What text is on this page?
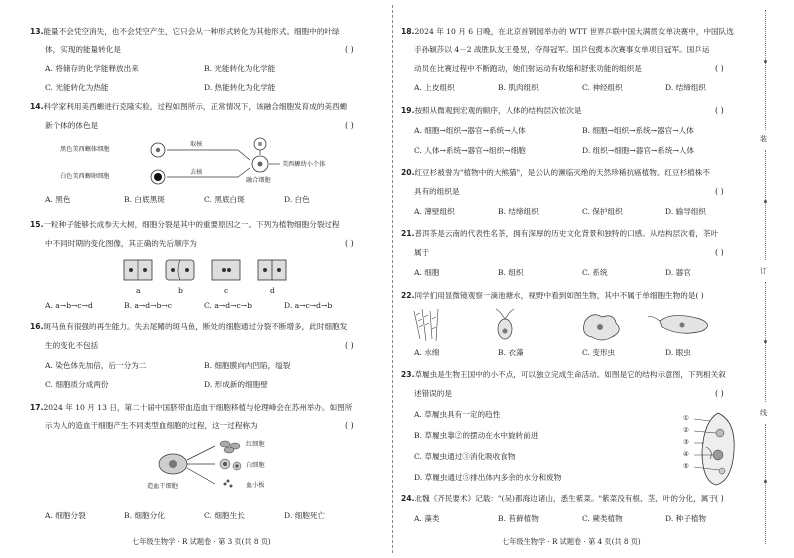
13.能量不会凭空消失，也不会凭空产生，它只会从一种形式转化为其他形式。细胞中的叶绿
体，实现的能量转化是	( )
A. 将储存的化学能释放出来	B. 光能转化为化学能
C. 光能转化为热能	D. 热能转化为化学能
14.科学家利用美西螈进行克隆实验，过程如图所示，正常情况下，该融合细胞发育成的美西螈
新个体的体色是	( )
黑色美西螈体细胞
白色美西螈卵细胞
取核
去核
融合细胞
美西螈幼小个体
A. 黑色	B. 白底黑斑	C. 黑底白斑	D. 白色
15.一粒种子能够长成参天大树，细胞分裂是其中的重要原因之一。下列为植物细胞分裂过程
中不同时期的变化图像，其正确的先后顺序为	( )
a	b	c	d
A. a→b→c→d	B. a→d→b→c	C. a→d→c→b	D. a→c→d→b
16.斑马鱼有很强的再生能力。失去尾鳍的斑马鱼，断处的细胞通过分裂不断增多，此时细胞发
生的变化不包括	( )
A. 染色体先加倍，后一分为二	B. 细胞膜向内凹陷，缢裂
C. 细胞质分成两份	D. 形成新的细胞壁
17.2024 年 10 月 13 日，第二十届中国脐带血造血干细胞移植与伦理峰会在苏州举办。如图所
示为人的造血干细胞产生不同类型血细胞的过程，这一过程称为	( )
红细胞
白细胞
血小板
造血干细胞
A. 细胞分裂	B. 细胞分化	C. 细胞生长	D. 细胞死亡
七年级生物学 · R 试题卷 · 第 3 页(共 8 页)
18.2024 年 10 月 6 日晚，在北京首钢园举办的 WTT 世界乒联中国大满贯女单决赛中，中国队选
手孙颖莎以 4－2 战胜队友王曼昱，夺得冠军。国乒包揽本次赛事女单项目冠军。国乒运
动员在比赛过程中不断跑动，她们射运动有收缩和舒张功能的组织是	( )
A. 上皮组织	B. 肌肉组织	C. 神经组织	D. 结缔组织
19.按照从微观到宏观的顺序，人体的结构层次依次是	( )
A. 细胞→组织→器官→系统→人体	B. 细胞→组织→系统→器官→人体
C. 人体→系统→器官→组织→细胞	D. 组织→细胞→器官→系统→人体
20.红豆杉被誉为"植物中的大熊猫"，是公认的濒临灭绝的天然珍稀抗癌植物。红豆杉植株不
具有的组织是	( )
A. 薄壁组织	B. 结缔组织	C. 保护组织	D. 输导组织
21.普洱茶是云南的代表性名茶，拥有深厚的历史文化背景和独特的口感。从结构层次看，茶叶
属于	( )
A. 细胞	B. 组织	C. 系统	D. 器官
22.同学们用显微镜观察一滴池塘水，视野中看到如图生物，其中不属于单细胞生物的是( )
A. 水绵	B. 衣藻	C. 变形虫	D. 眼虫
23.草履虫是生物王国中的小不点，可以独立完成生命活动。如图是它的结构示意图，下列相关叙
述错误的是	( )
A. 草履虫具有一定的趋性
B. 草履虫靠②的摆动在水中旋转前进
C. 草履虫通过③消化吸收食物
D. 草履虫通过⑤排出体内多余的水分和废物
①
②
③
④
⑤
24.北魏《齐民要术》记载："(吴)都海边诸山，悉生紫菜。"紫菜没有根、茎、叶的分化，属于 ( )
A. 藻类	B. 苔藓植物	C. 蕨类植物	D. 种子植物
七年级生物学 · R 试题卷 · 第 4 页(共 8 页)
装
订
线
